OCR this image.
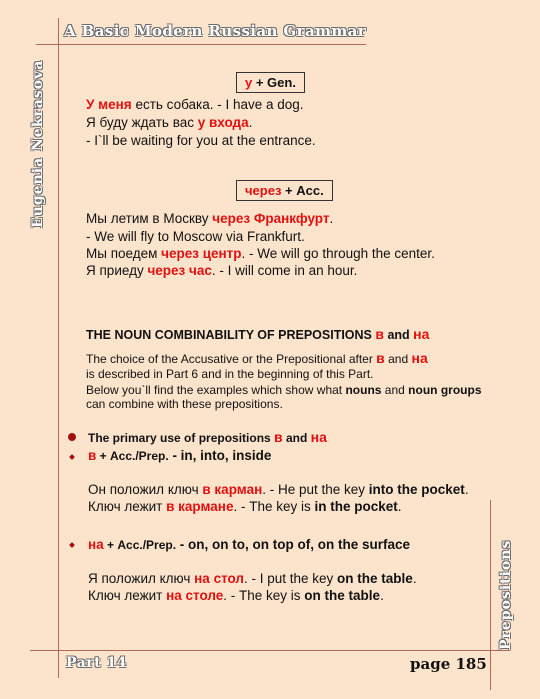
A Basic Modern Russian Grammar
Eugenia Nekrasova
Prepositions
Part 14	page 185
у + Gen.
У меня есть собака. - I have a dog.
Я буду ждать вас у входа.
- I`ll be waiting for you at the entrance.
через + Acc.
Мы летим в Москву через Франкфурт.
- We will fly to Moscow via Frankfurt.
Мы поедем через центр. - We will go through the center.
Я приеду через час. - I will come in an hour.
THE NOUN COMBINABILITY OF PREPOSITIONS в and на
The choice of the Accusative or the Prepositional after в and на
is described in Part 6 and in the beginning of this Part.
Below you`ll find the examples which show what nouns and noun groups
can combine with these prepositions.
The primary use of prepositions в and на
в + Acc./Prep. - in, into, inside
Он положил ключ в карман. - He put the key into the pocket.
Ключ лежит в кармане. - The key is in the pocket.
на + Acc./Prep. - on, on to, on top of, on the surface
Я положил ключ на стол. - I put the key on the table.
Ключ лежит на столе. - The key is on the table.
